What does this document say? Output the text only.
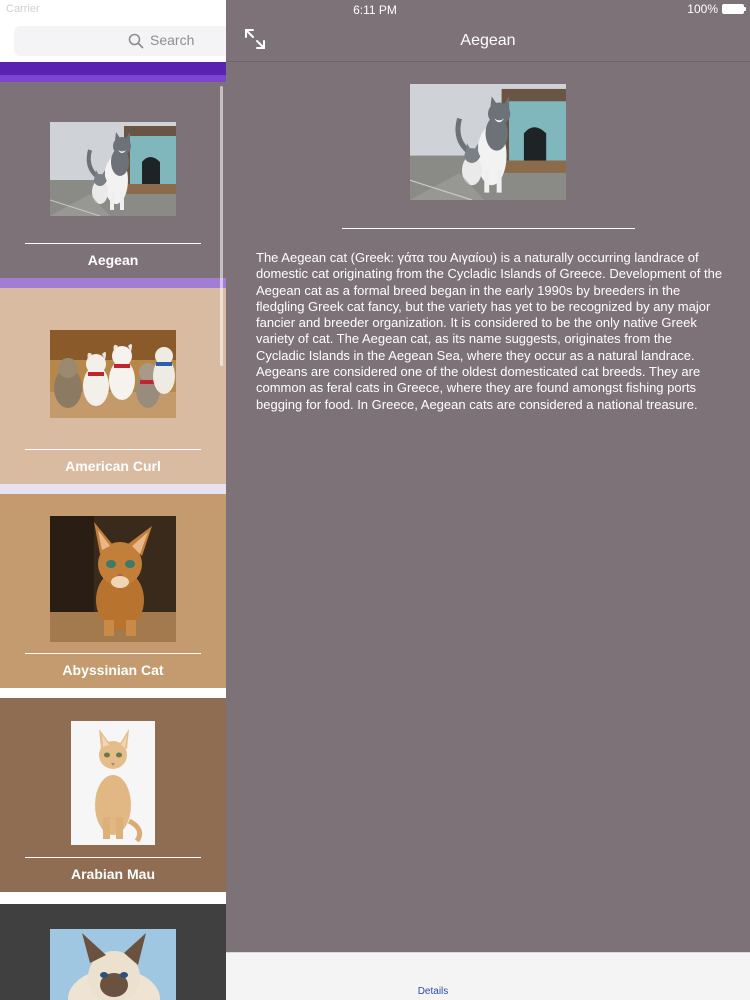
Carrier	6:11 PM	100%
Search
Aegean
American Curl
Abyssinian Cat
Arabian Mau
Aegean
The Aegean cat (Greek: γάτα του Αιγαίου) is a naturally occurring landrace of domestic cat originating from the Cycladic Islands of Greece. Development of the Aegean cat as a formal breed began in the early 1990s by breeders in the fledgling Greek cat fancy, but the variety has yet to be recognized by any major fancier and breeder organization. It is considered to be the only native Greek variety of cat. The Aegean cat, as its name suggests, originates from the Cycladic Islands in the Aegean Sea, where they occur as a natural landrace. Aegeans are considered one of the oldest domesticated cat breeds. They are common as feral cats in Greece, where they are found amongst fishing ports begging for food. In Greece, Aegean cats are considered a national treasure.
Details
